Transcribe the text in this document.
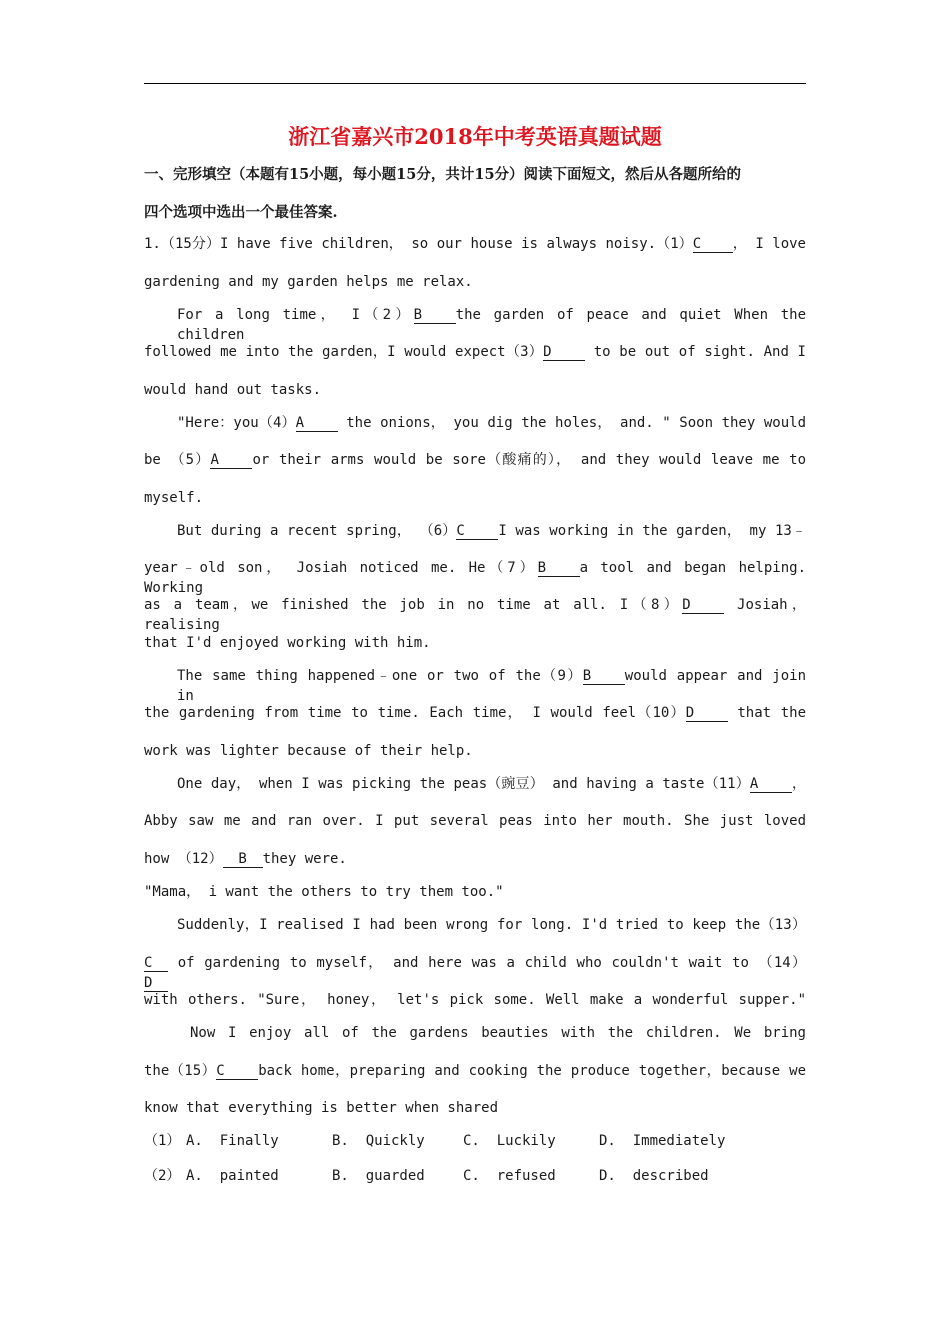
浙江省嘉兴市2018年中考英语真题试题
一、完形填空（本题有15小题，每小题15分，共计15分）阅读下面短文，然后从各题所给的
四个选项中选出一个最佳答案.
1.（15分）I have five children， so our house is always noisy.（1）C ， I love
gardening and my garden helps me relax.
For a long time， I（2）B the garden of peace and quiet When the children
followed me into the garden，I would expect（3）D to be out of sight. And I
would hand out tasks.
"Here：you（4）A the onions， you dig the holes， and. " Soon they would
be （5）A or their arms would be sore（酸痛的）， and they would leave me to
myself.
But during a recent spring， （6）C I was working in the garden， my 13﹣
year﹣old son， Josiah noticed me. He（7）B a tool and began helping. Working
as a team，we finished the job in no time at all. I（8）D Josiah， realising
that I'd enjoyed working with him.
The same thing happened﹣one or two of the（9）B would appear and join in
the gardening from time to time. Each time， I would feel（10）D that the
work was lighter because of their help.
One day， when I was picking the peas（豌豆） and having a taste（11）A ，
Abby saw me and ran over. I put several peas into her mouth. She just loved
how （12） B they were.
"Mama， i want the others to try them too."
Suddenly，I realised I had been wrong for long. I'd tried to keep the（13）
C of gardening to myself， and here was a child who couldn't wait to （14）D
with others. "Sure， honey， let's pick some. Well make a wonderful supper."
Now I enjoy all of the gardens beauties with the children. We bring
the（15）C back home，preparing and cooking the produce together，because we
know that everything is better when shared
（1） A.  Finally	B.  Quickly	C.  Luckily	D.  Immediately
（2） A.  painted	B.  guarded	C.  refused	D.  described
